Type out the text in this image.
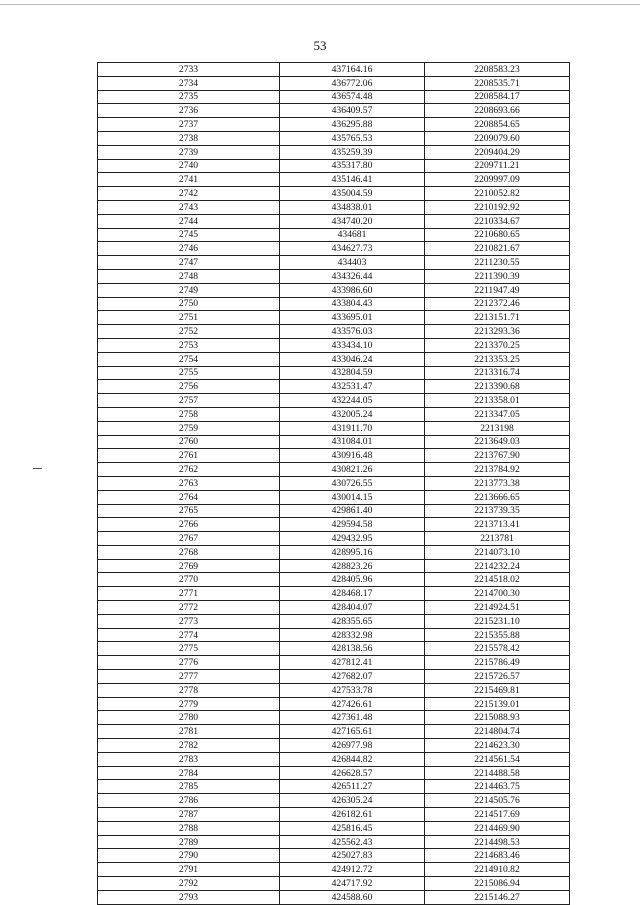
53
2733	437164.16	2208583.23
2734	436772.06	2208535.71
2735	436574.48	2208584.17
2736	436409.57	2208693.66
2737	436295.88	2208854.65
2738	435765.53	2209079.60
2739	435259.39	2209404.29
2740	435317.80	2209711.21
2741	435146.41	2209997.09
2742	435004.59	2210052.82
2743	434838.01	2210192.92
2744	434740.20	2210334.67
2745	434681	2210680.65
2746	434627.73	2210821.67
2747	434403	2211230.55
2748	434326.44	2211390.39
2749	433986.60	2211947.49
2750	433804.43	2212372.46
2751	433695.01	2213151.71
2752	433576.03	2213293.36
2753	433434.10	2213370.25
2754	433046.24	2213353.25
2755	432804.59	2213316.74
2756	432531.47	2213390.68
2757	432244.05	2213358.01
2758	432005.24	2213347.05
2759	431911.70	2213198
2760	431084.01	2213649.03
2761	430916.48	2213767.90
2762	430821.26	2213784.92
2763	430726.55	2213773.38
2764	430014.15	2213666.65
2765	429861.40	2213739.35
2766	429594.58	2213713.41
2767	429432.95	2213781
2768	428995.16	2214073.10
2769	428823.26	2214232.24
2770	428405.96	2214518.02
2771	428468.17	2214700.30
2772	428404.07	2214924.51
2773	428355.65	2215231.10
2774	428332.98	2215355.88
2775	428138.56	2215578.42
2776	427812.41	2215786.49
2777	427682.07	2215726.57
2778	427533.78	2215469.81
2779	427426.61	2215139.01
2780	427361.48	2215088.93
2781	427165.61	2214804.74
2782	426977.98	2214623.30
2783	426844.82	2214561.54
2784	426628.57	2214488.58
2785	426511.27	2214463.75
2786	426305.24	2214505.76
2787	426182.61	2214517.69
2788	425816.45	2214469.90
2789	425562.43	2214498.53
2790	425027.83	2214683.46
2791	424912.72	2214910.82
2792	424717.92	2215086.94
2793	424588.60	2215146.27
